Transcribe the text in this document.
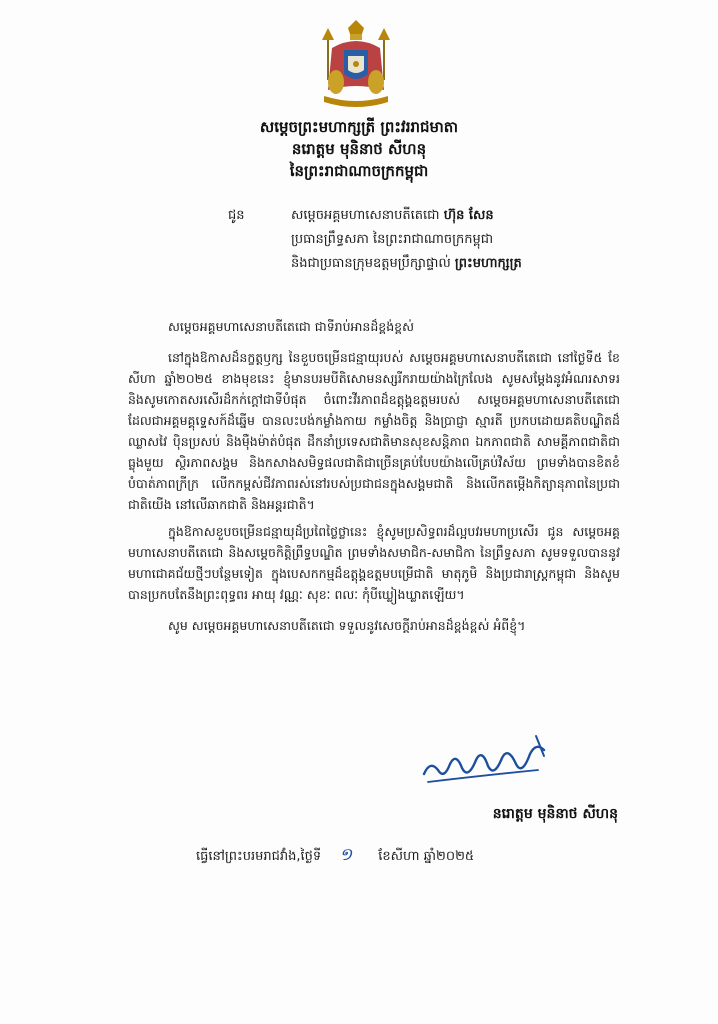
សម្ដេចព្រះមហាក្សត្រី ព្រះវររាជមាតា
នរោត្តម មុនិនាថ សីហនុ
នៃព្រះរាជាណាចក្រកម្ពុជា
ជូន	សម្ដេចអគ្គមហាសេនាបតីតេជោ ហ៊ុន សែន
ប្រធានព្រឹទ្ធសភា នៃព្រះរាជាណាចក្រកម្ពុជា
និងជាប្រធានក្រុមឧត្ដមប្រឹក្សាផ្ទាល់ ព្រះមហាក្សត្រ

សម្ដេចអគ្គមហាសេនាបតីតេជោ ជាទីរាប់អានដ៏ខ្ពង់ខ្ពស់

នៅក្នុងឱកាសដ៏នក្ខត្តឫក្ស នៃខួបចម្រើនជន្មាយុរបស់ សម្ដេចអគ្គមហាសេនាបតីតេជោ នៅថ្ងៃទី៥ ខែសីហា ឆ្នាំ២០២៥ ខាងមុខនេះ ខ្ញុំមានបរមបីតិសោមនស្សរីករាយយ៉ាងក្រៃលែង សូមសម្ដែងនូវអំណរសាទរ និងសូមកោតសរសើរដ៏កក់ក្ដៅជាទីបំផុត ចំពោះវីរភាពដ៏ឧត្ដុង្គឧត្ដមរបស់ សម្ដេចអគ្គមហាសេនាបតីតេជោ ដែលជាអគ្គមគ្គុទ្ទេសក៍ដ៏ឆ្នើម បានលះបង់កម្លាំងកាយ កម្លាំងចិត្ត និងប្រាជ្ញា ស្មារតី ប្រកបដោយគតិបណ្ឌិតដ៏ឈ្លាសវៃ ប៉ិនប្រសប់ និងម៉ឺងម៉ាត់បំផុត ដឹកនាំប្រទេសជាតិមានសុខសន្តិភាព ឯកភាពជាតិ សាមគ្គីភាពជាតិជាធ្លុងមួយ ស្ថិរភាពសង្គម និងកសាងសមិទ្ធផលជាតិជាច្រើនគ្រប់បែបយ៉ាងលើគ្រប់វិស័យ ព្រមទាំងបានខិតខំបំបាត់ភាពក្រីក្រ លើកកម្ពស់ជីវភាពរស់នៅរបស់ប្រជាជនក្នុងសង្គមជាតិ និងលើកតម្កើងកិត្យានុភាពនៃប្រជាជាតិយើង នៅលើឆាកជាតិ និងអន្ដរជាតិ។

ក្នុងឱកាសខួបចម្រើនជន្មាយុដ៏ប្រពៃថ្លៃថ្លានេះ ខ្ញុំសូមប្រសិទ្ធពរដ៏ល្អបវរមហាប្រសើរ ជូន សម្ដេចអគ្គមហាសេនាបតីតេជោ និងសម្ដេចកិត្តិព្រឹទ្ធបណ្ឌិត ព្រមទាំងសមាជិក-សមាជិកា នៃព្រឹទ្ធសភា សូមទទួលបាននូវមហាជោគជ័យថ្មីៗបន្ថែមទៀត ក្នុងបេសកកម្មដ៏ឧត្ដុង្គឧត្ដមបម្រើជាតិ មាតុភូមិ និងប្រជារាស្ដ្រកម្ពុជា និងសូមបានប្រកបតែនឹងព្រះពុទ្ធពរ អាយុ វណ្ណៈ សុខៈ ពលៈ កុំបីឃ្លៀងឃ្លាតឡើយ។

សូម សម្ដេចអគ្គមហាសេនាបតីតេជោ ទទួលនូវសេចក្ដីរាប់អានដ៏ខ្ពង់ខ្ពស់ អំពីខ្ញុំ។

នរោត្តម មុនិនាថ សីហនុ
ធ្វើនៅព្រះបរមរាជវាំង,ថ្ងៃទី ១ ខែសីហា ឆ្នាំ២០២៥
